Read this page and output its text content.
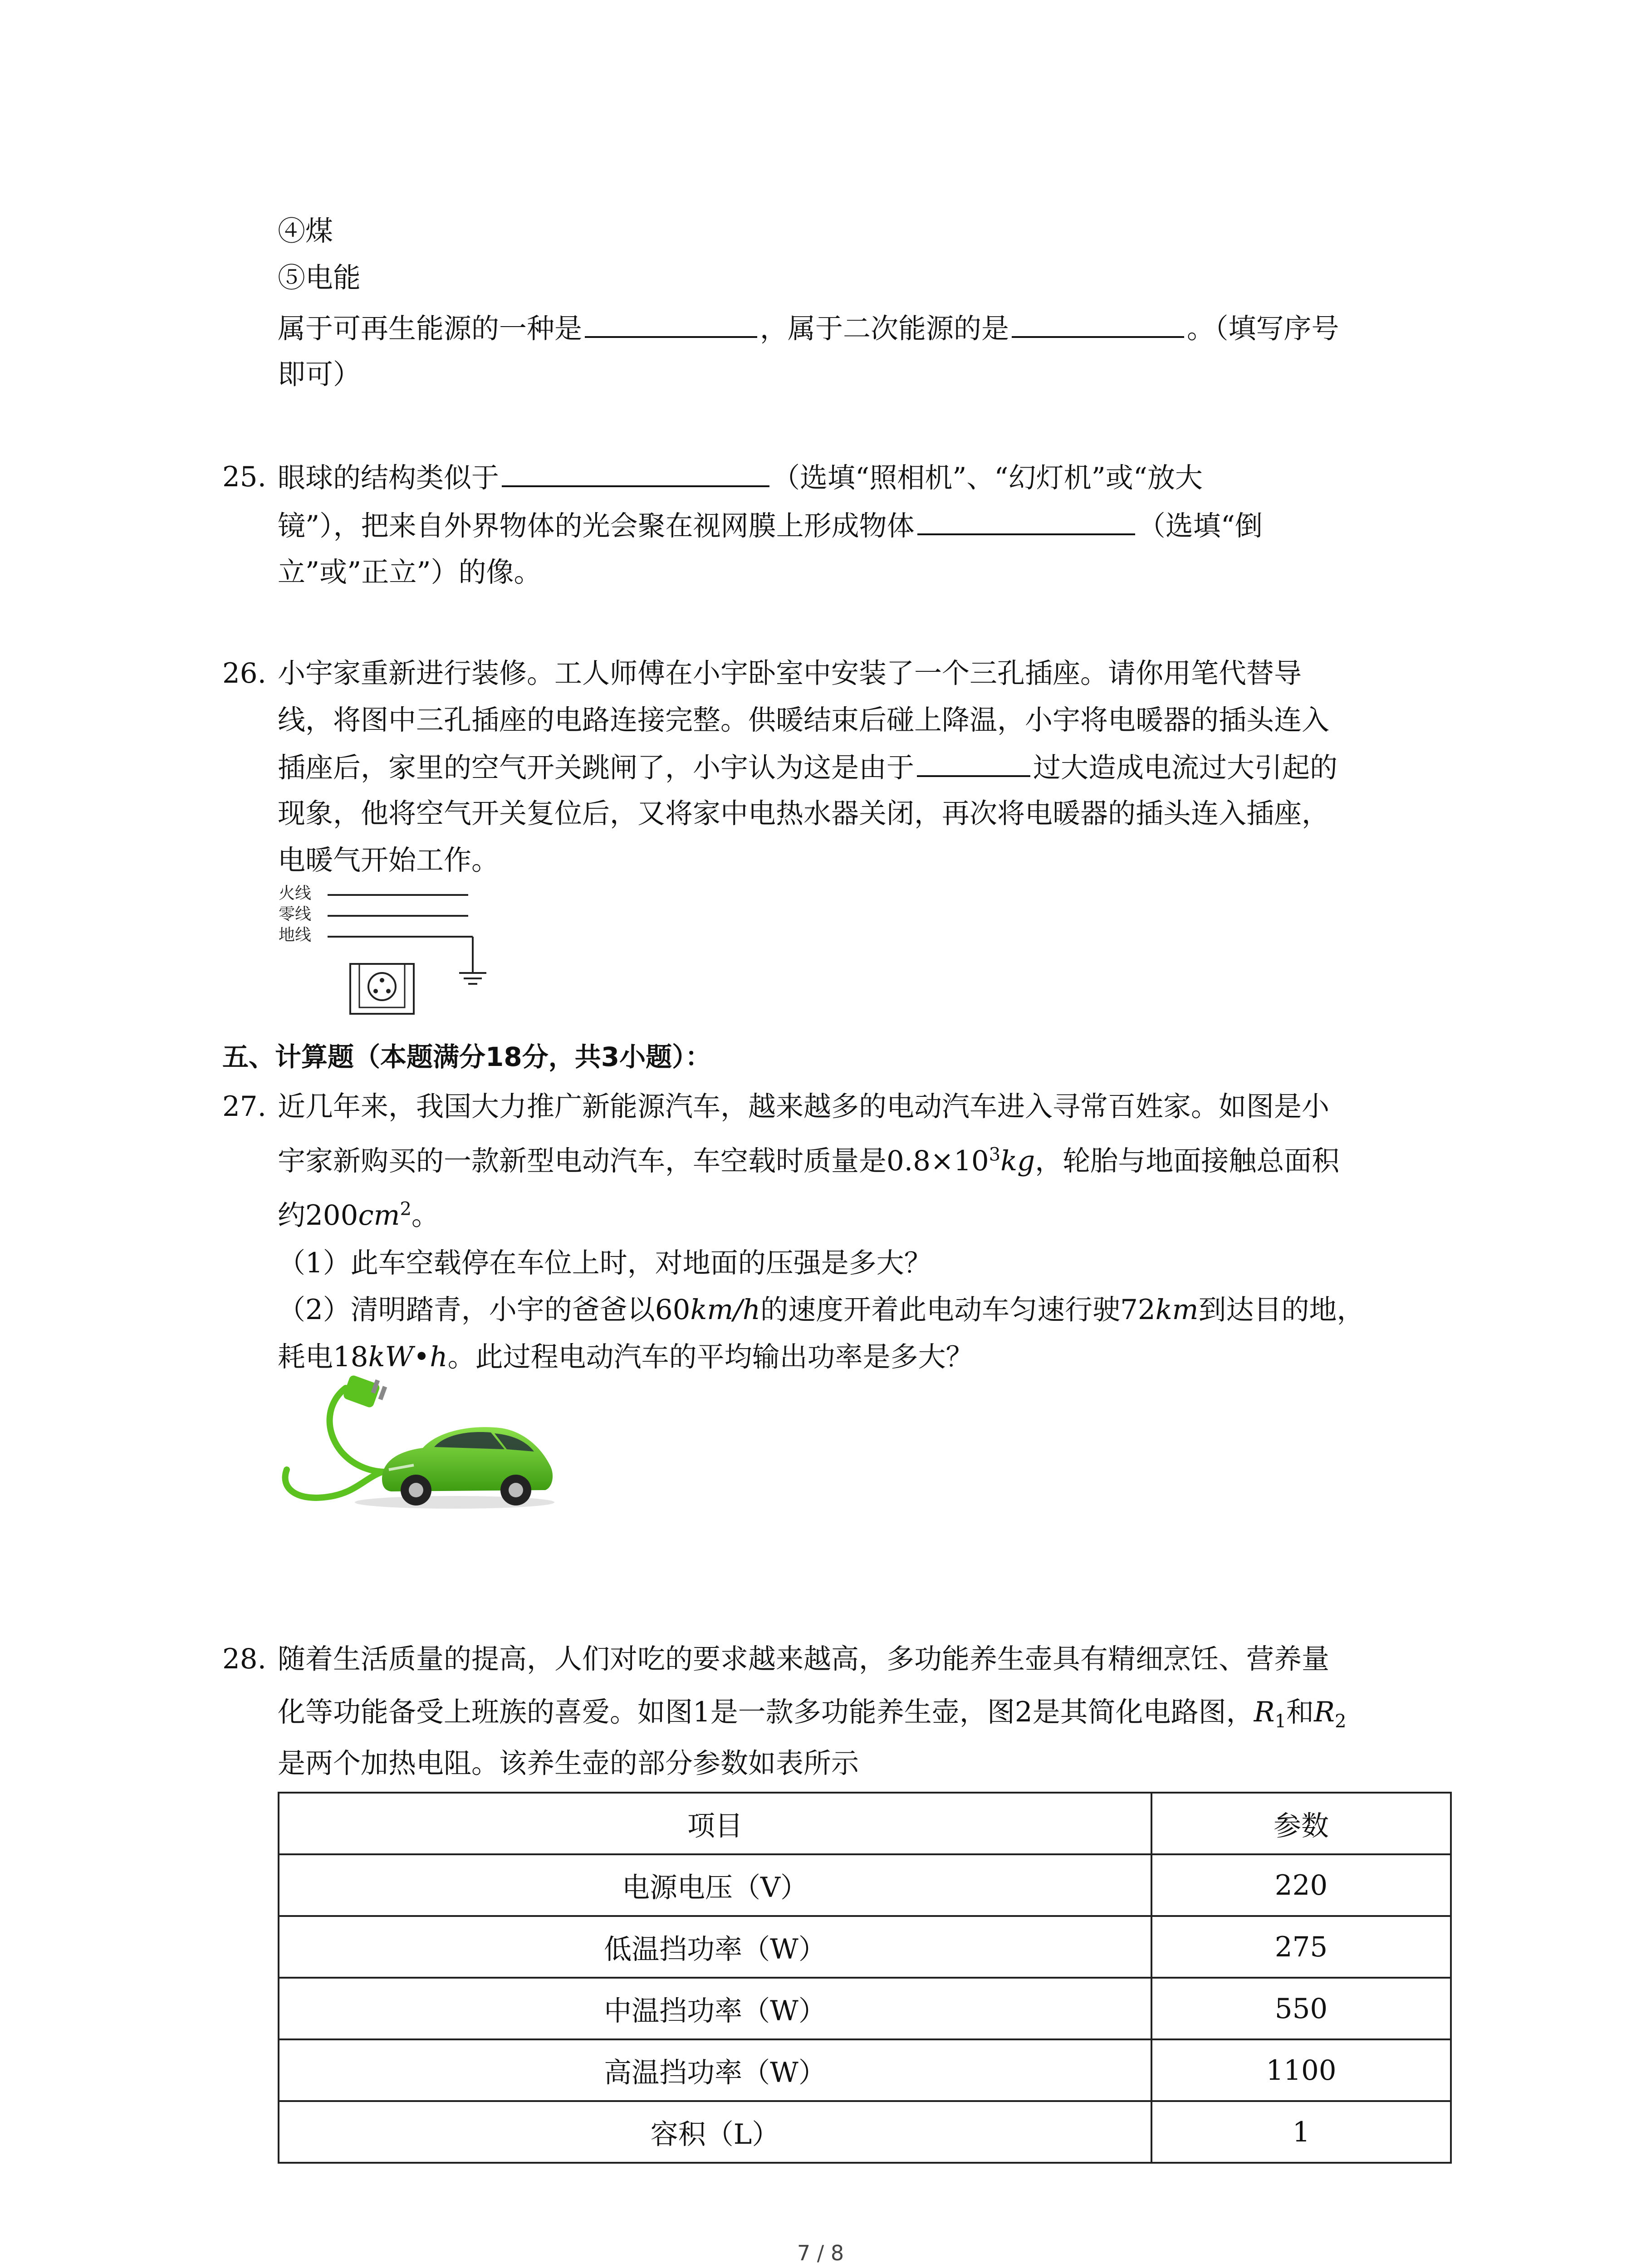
④煤
⑤电能
属于可再生能源的一种是	，属于二次能源的是	。（填写序号
即可）
25. 眼球的结构类似于	（选填“照相机”、“幻灯机”或“放大
镜”），把来自外界物体的光会聚在视网膜上形成物体	（选填“倒
立”或”正立”）的像。
26. 小宇家重新进行装修。工人师傅在小宇卧室中安装了一个三孔插座。请你用笔代替导
线，将图中三孔插座的电路连接完整。供暖结束后碰上降温，小宇将电暖器的插头连入
插座后，家里的空气开关跳闸了，小宇认为这是由于	过大造成电流过大引起的
现象，他将空气开关复位后，又将家中电热水器关闭，再次将电暖器的插头连入插座，
电暖气开始工作。
火线
零线
地线
五、计算题（本题满分18分，共3小题）：
27. 近几年来，我国大力推广新能源汽车，越来越多的电动汽车进入寻常百姓家。如图是小
宇家新购买的一款新型电动汽车，车空载时质量是$0.8\times 10^3kg$，轮胎与地面接触总面积
约$200cm^2$。
（1）此车空载停在车位上时，对地面的压强是多大？
（2）清明踏青，小宇的爸爸以60km/h的速度开着此电动车匀速行驶72km到达目的地，
耗电18kW•h。此过程电动汽车的平均输出功率是多大？
28. 随着生活质量的提高，人们对吃的要求越来越高，多功能养生壶具有精细烹饪、营养量
化等功能备受上班族的喜爱。如图1是一款多功能养生壶，图2是其简化电路图，$R_1$和$R_2$
是两个加热电阻。该养生壶的部分参数如表所示
项目	参数
电源电压（V）	220
低温挡功率（W）	275
中温挡功率（W）	550
高温挡功率（W）	1100
容积（L）	1
7 / 8
